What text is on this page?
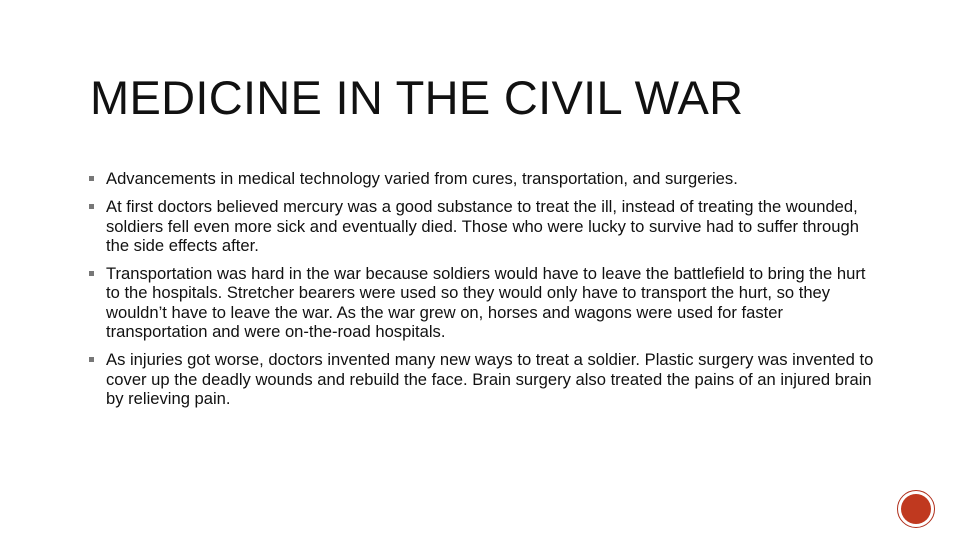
MEDICINE IN THE CIVIL WAR
Advancements in medical technology varied from cures, transportation, and surgeries.
At first doctors believed mercury was a good substance to treat the ill, instead of treating the wounded, soldiers fell even more sick and eventually died. Those who were lucky to survive had to suffer through the side effects after.
Transportation was hard in the war because soldiers would have to leave the battlefield to bring the hurt to the hospitals. Stretcher bearers were used so they would only have to transport the hurt, so they wouldn’t have to leave the war. As the war grew on, horses and wagons were used for faster transportation and were on-the-road hospitals.
As injuries got worse, doctors invented many new ways to treat a soldier. Plastic surgery was invented to cover up the deadly wounds and rebuild the face. Brain surgery also treated the pains of an injured brain by relieving pain.
